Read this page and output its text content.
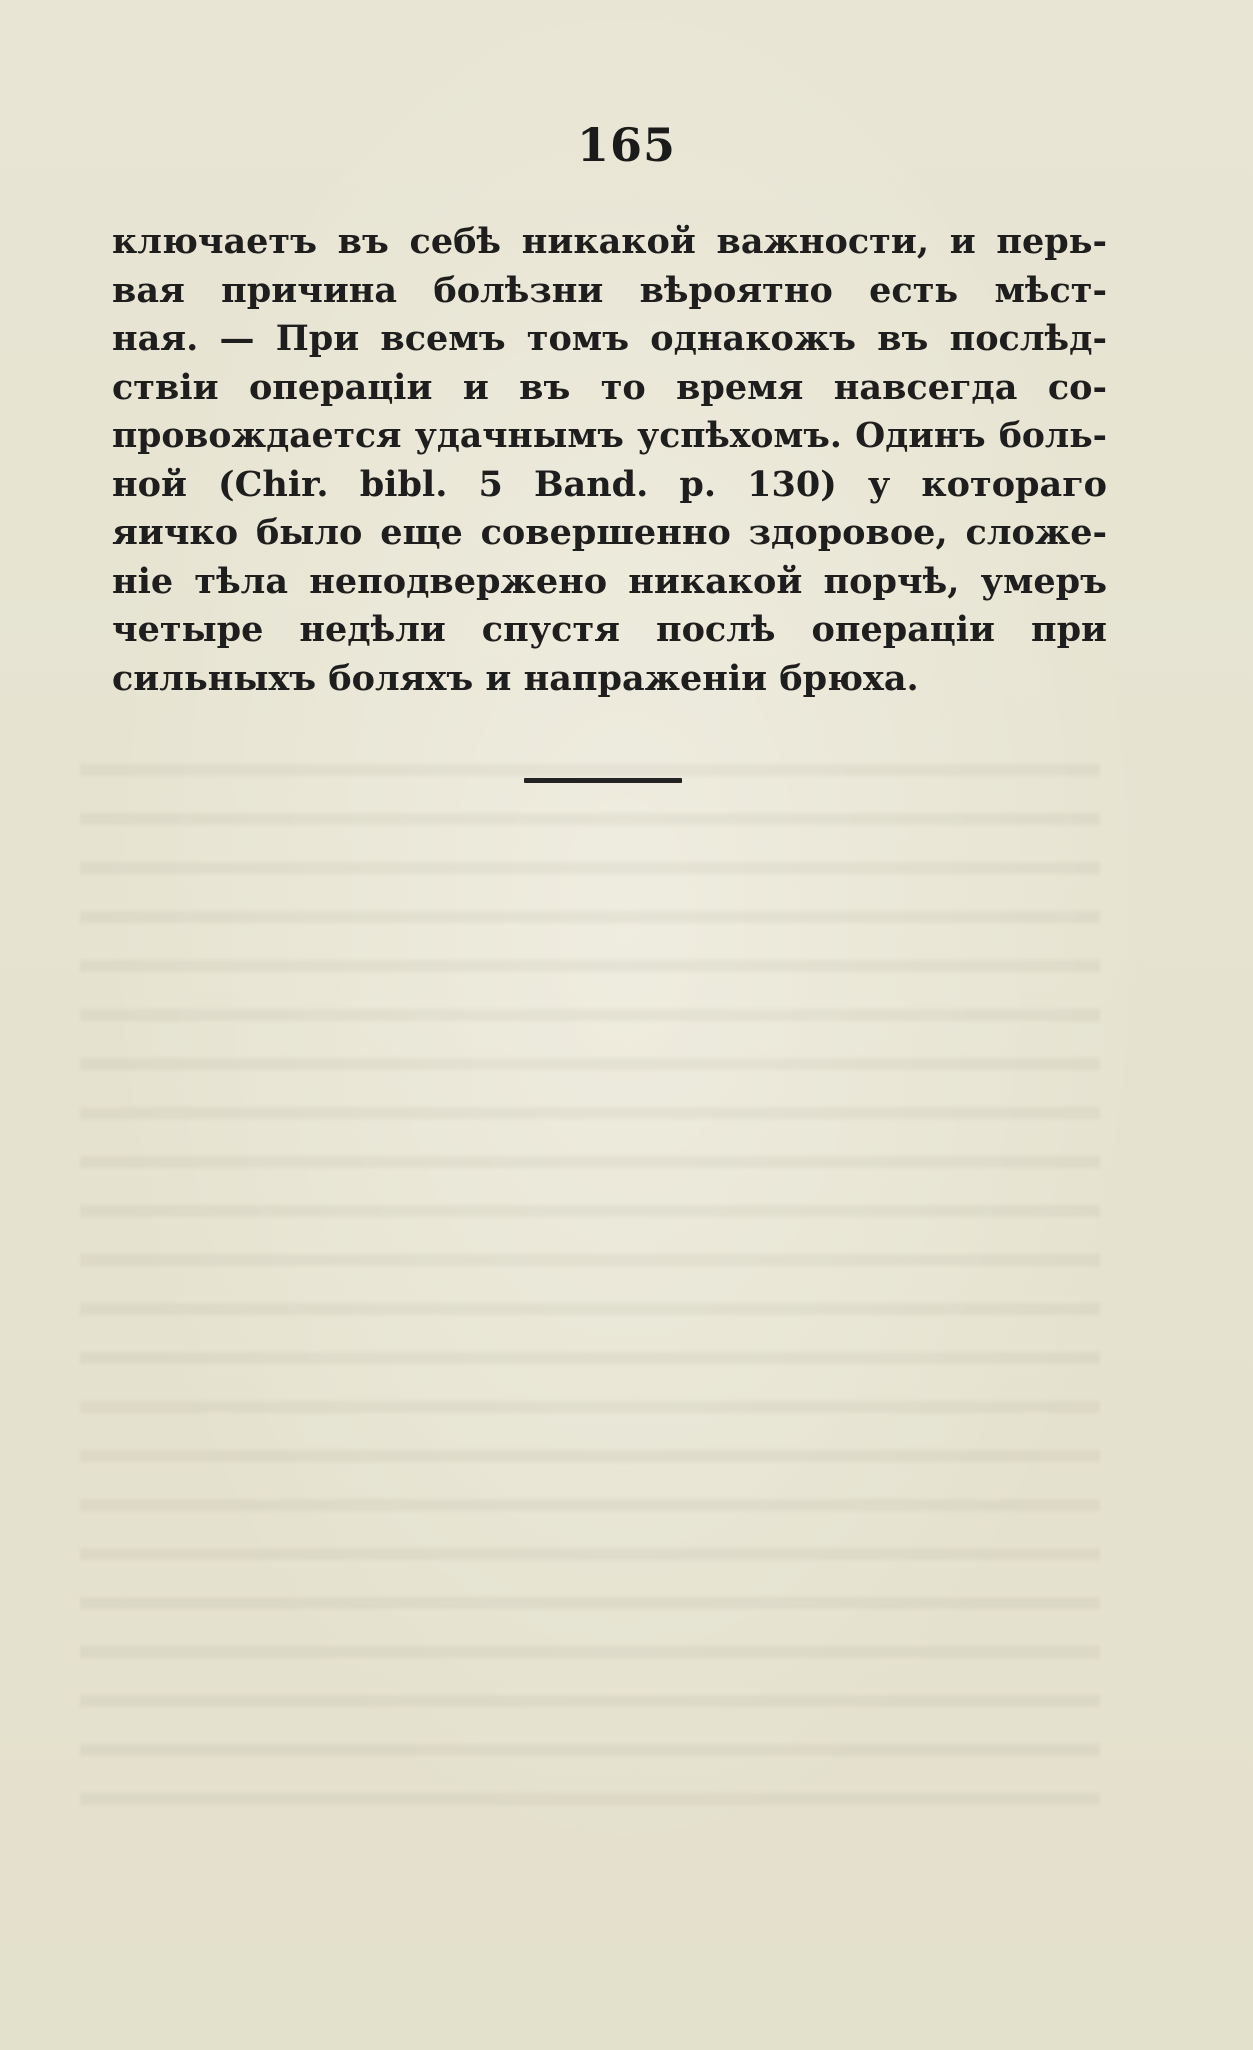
165
ключаетъ въ себѣ никакой важности, и перь-
вая причина болѣзни вѣроятно есть мѣст-
ная. — При всемъ томъ однакожъ въ послѣд-
ствіи операціи и въ то время навсегда со-
провождается удачнымъ успѣхомъ. Одинъ боль-
ной (Chir. bibl. 5 Band. p. 130) у котораго
яичко было еще совершенно здоровое, сложе-
ніе тѣла неподвержено никакой порчѣ, умеръ
четыре недѣли спустя послѣ операціи при
сильныхъ боляхъ и напраженіи брюха.
